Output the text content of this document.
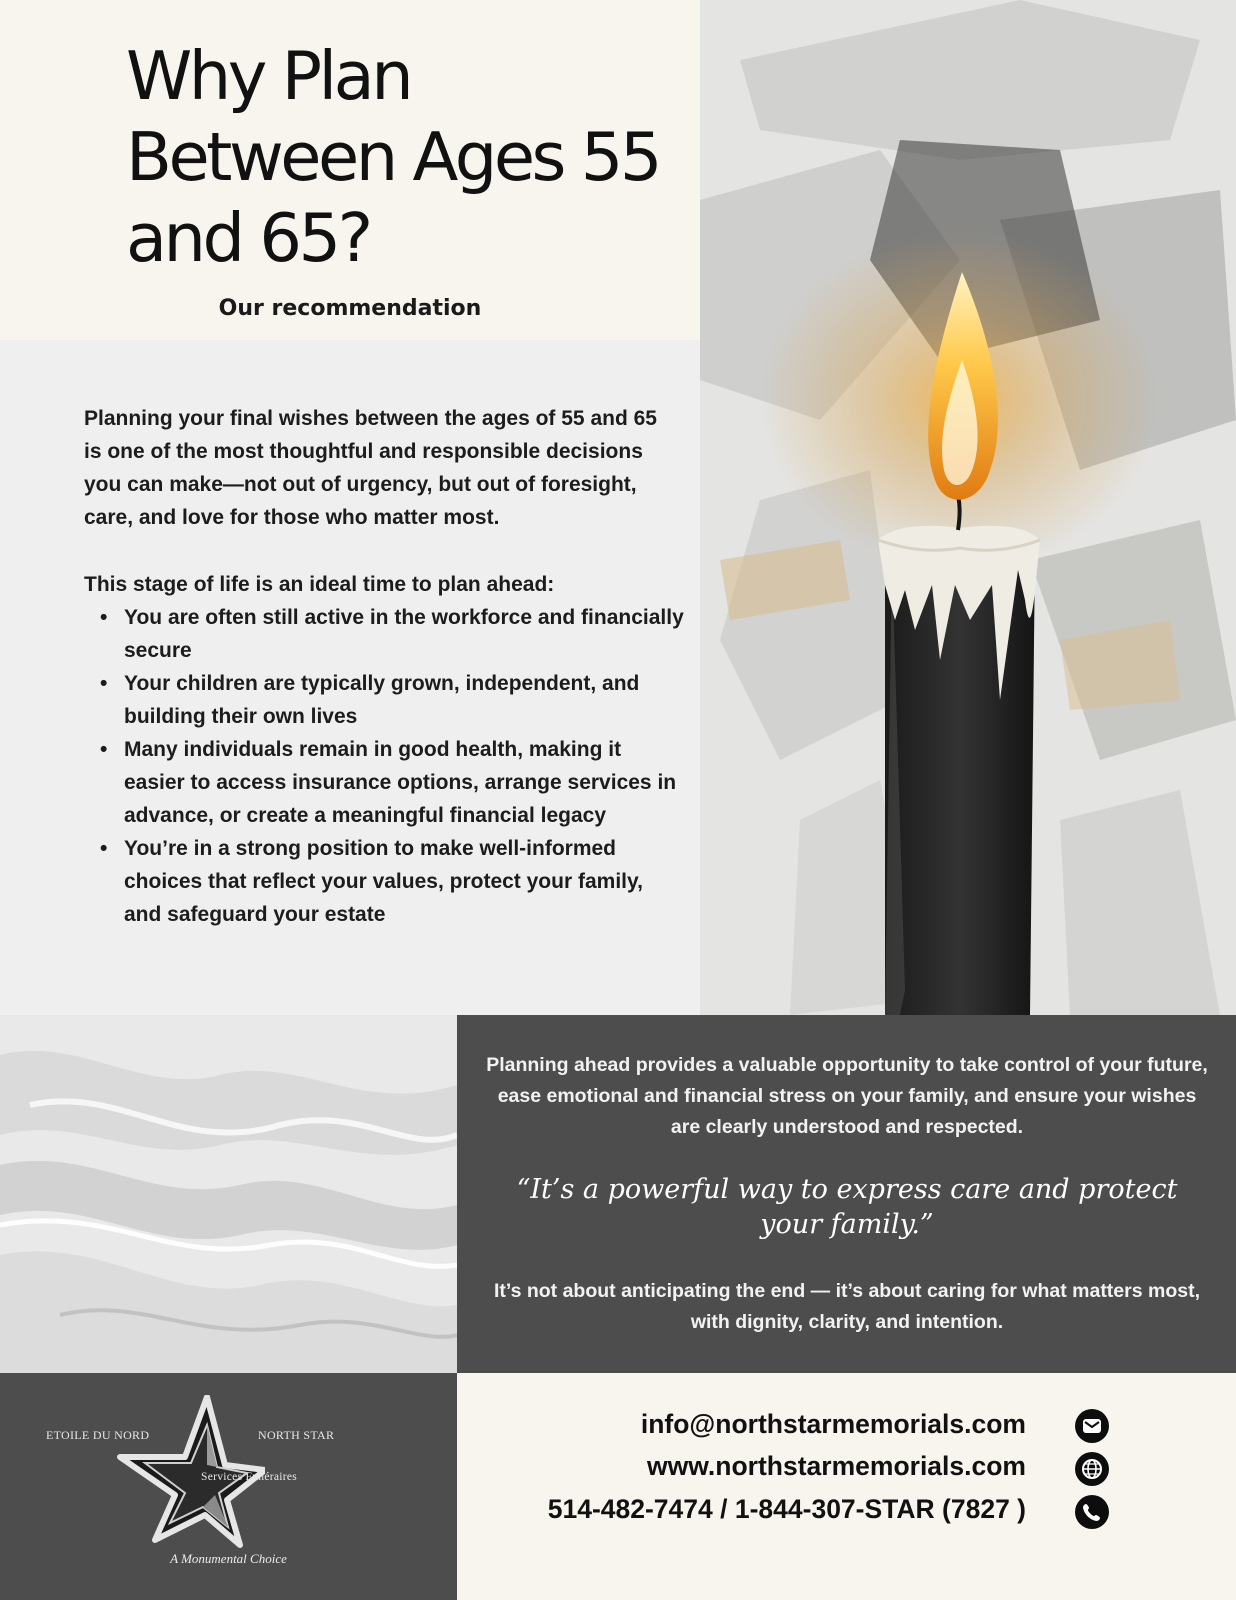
Why Plan Between Ages 55 and 65?
Our recommendation

Planning your final wishes between the ages of 55 and 65 is one of the most thoughtful and responsible decisions you can make—not out of urgency, but out of foresight, care, and love for those who matter most.

This stage of life is an ideal time to plan ahead:

• You are often still active in the workforce and financially secure
• Your children are typically grown, independent, and building their own lives
• Many individuals remain in good health, making it easier to access insurance options, arrange services in advance, or create a meaningful financial legacy
• You’re in a strong position to make well-informed choices that reflect your values, protect your family, and safeguard your estate

Planning ahead provides a valuable opportunity to take control of your future, ease emotional and financial stress on your family, and ensure your wishes are clearly understood and respected.

“It’s a powerful way to express care and protect your family.”

It’s not about anticipating the end — it’s about caring for what matters most, with dignity, clarity, and intention.

ETOILE DU NORD	NORTH STAR
Services Funéraires
A Monumental Choice
info@northstarmemorials.com
www.northstarmemorials.com
514-482-7474 / 1-844-307-STAR (7827 )
